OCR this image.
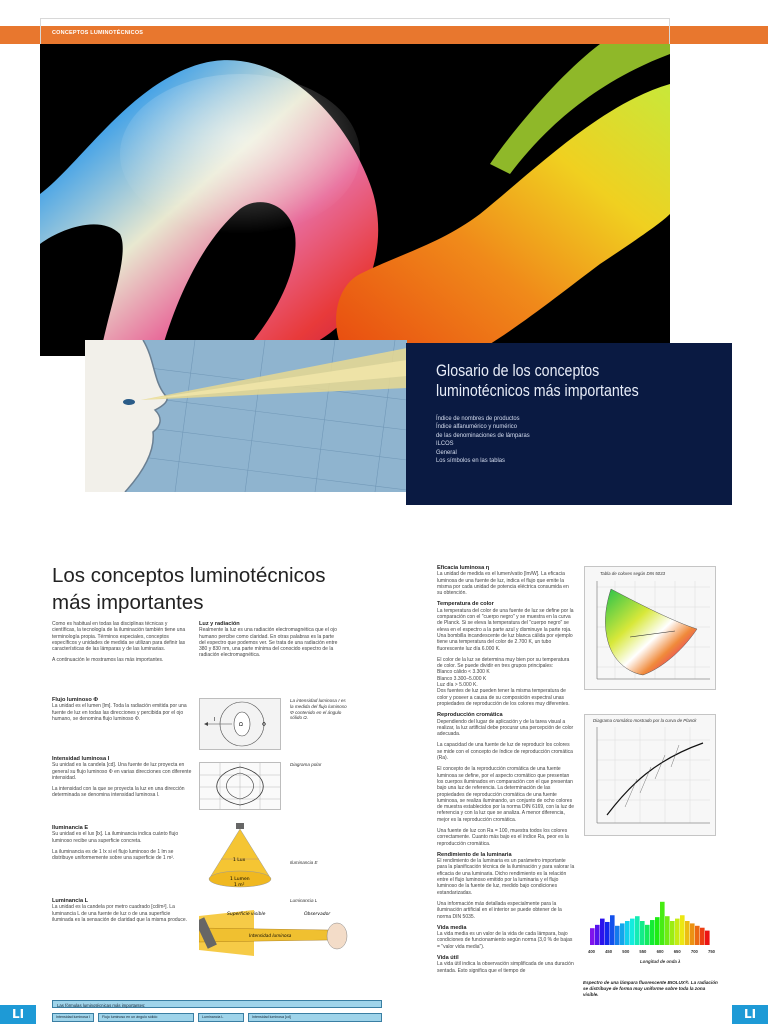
CONCEPTOS LUMINOTÉCNICOS
Glosario de los conceptos luminotécnicos más importantes
Índice de nombres de productos
Índice alfanumérico y numérico
de las denominaciones de lámparas
ILCOS
General
Los símbolos en las tablas
Los conceptos luminotécnicos
más importantes

Como es habitual en todas las disciplinas técnicas y científicas, la tecnología de la iluminación también tiene una terminología propia. Términos especiales, conceptos específicos y unidades de medida se utilizan para definir las características de las lámparas y de las luminarias.

A continuación le mostramos las más importantes.

Flujo luminoso Φ

La unidad es el lumen [lm]. Toda la radiación emitida por una fuente de luz en todas las direcciones y percibida por el ojo humano, se denomina flujo luminoso Φ.

Intensidad luminosa I

Su unidad es la candela [cd]. Una fuente de luz proyecta en general su flujo luminoso Φ en varias direcciones con diferente intensidad.

La intensidad con la que se proyecta la luz en una dirección determinada se denomina intensidad luminosa I.

Iluminancia E

Su unidad es el lux [lx]. La iluminancia indica cuánto flujo luminoso recibe una superficie concreta.

La iluminancia es de 1 lx si el flujo luminoso de 1 lm se distribuye uniformemente sobre una superficie de 1 m².

Luminancia L

La unidad es la candela por metro cuadrado [cd/m²]. La luminancia L de una fuente de luz o de una superficie iluminada es la sensación de claridad que la misma produce.

Luz y radiación

Realmente la luz es una radiación electromagnética que el ojo humano percibe como claridad. En otras palabras es la parte del espectro que podemos ver. Se trata de una radiación entre 380 y 830 nm, una parte mínima del conocido espectro de la radiación electromagnética.

I
Ω	Φ
La intensidad luminosa I es la medida del flujo luminoso Φ contenido en el ángulo sólido Ω.
Diagrama polar
1 Lux
1 Lumen
1 m²
Iluminancia E
Superficie visible	Observador
Intensidad luminosa
Luminancia L
Eficacia luminosa η

La unidad de medida es el lumen/vatio [lm/W]. La eficacia luminosa de una fuente de luz, indica el flujo que emite la misma por cada unidad de potencia eléctrica consumida en su obtención.

Temperatura de color

La temperatura del color de una fuente de luz se define por la comparación con el "cuerpo negro" y se muestra en la curva de Planck. Si se eleva la temperatura del "cuerpo negro" se eleva en el espectro a la parte azul y disminuye la parte roja. Una bombilla incandescente de luz blanca cálida por ejemplo tiene una temperatura del color de 2.700 K, un tubo fluorescente luz día 6.000 K.

El color de la luz se determina muy bien por su temperatura de color. Se puede dividir en tres grupos principales:

Blanco cálido < 3.300 K
Blanco 3.300–5.000 K
Luz día > 5.000 K.

Dos fuentes de luz pueden tener la misma temperatura de color y poseer a causa de su composición espectral unas propiedades de reproducción de los colores muy diferentes.

Reproducción cromática

Dependiendo del lugar de aplicación y de la tarea visual a realizar, la luz artificial debe procurar una percepción de color adecuada.

La capacidad de una fuente de luz de reproducir los colores se mide con el concepto de índice de reproducción cromática (Ra).

El concepto de la reproducción cromática de una fuente luminosa se define, por el aspecto cromático que presentan los cuerpos iluminados en comparación con el que presentan bajo una luz de referencia. La determinación de las propiedades de reproducción cromática de una fuente luminosa, se realiza iluminando, un conjunto de ocho colores de muestra establecidos por la norma DIN 6169, con la luz de referencia y con la luz que se analiza. A menor diferencia, mejor es la reproducción cromática.

Una fuente de luz con Ra = 100, muestra todos los colores correctamente. Cuanto más bajo es el índice Ra, peor es la reproducción cromática.

Rendimiento de la luminaria

El rendimiento de la luminaria es un parámetro importante para la planificación técnica de la iluminación y para valorar la eficacia de una luminaria. Dicho rendimiento es la relación entre el flujo luminoso emitido por la luminaria y el flujo luminoso de la fuente de luz, medido bajo condiciones estandarizadas.

Una información más detallada especialmente para la iluminación artificial en el interior se puede obtener de la norma DIN 5035.

Vida media

La vida media es un valor de la vida de cada lámpara, bajo condiciones de funcionamiento según norma (3,0 % de bajas = "valor vida media").

Vida útil

La vida útil indica la observación simplificada de una duración sentada. Esto significa que el tiempo de

Tabla de colores según DIN 5033
Diagrama cromático mostrado por la curva de Planck
400 450 500 550 600 650 700 750
Longitud de onda λ
Espectro de una lámpara fluorescente BIOLUX®. La radiación se distribuye de forma muy uniforme sobre toda la zona visible.
Las fórmulas luminotécnicas más importantes:
Intensidad luminosa I	Flujo luminoso en un ángulo sólido	Luminancia L	Intensidad luminosa [cd]
LI	LI
